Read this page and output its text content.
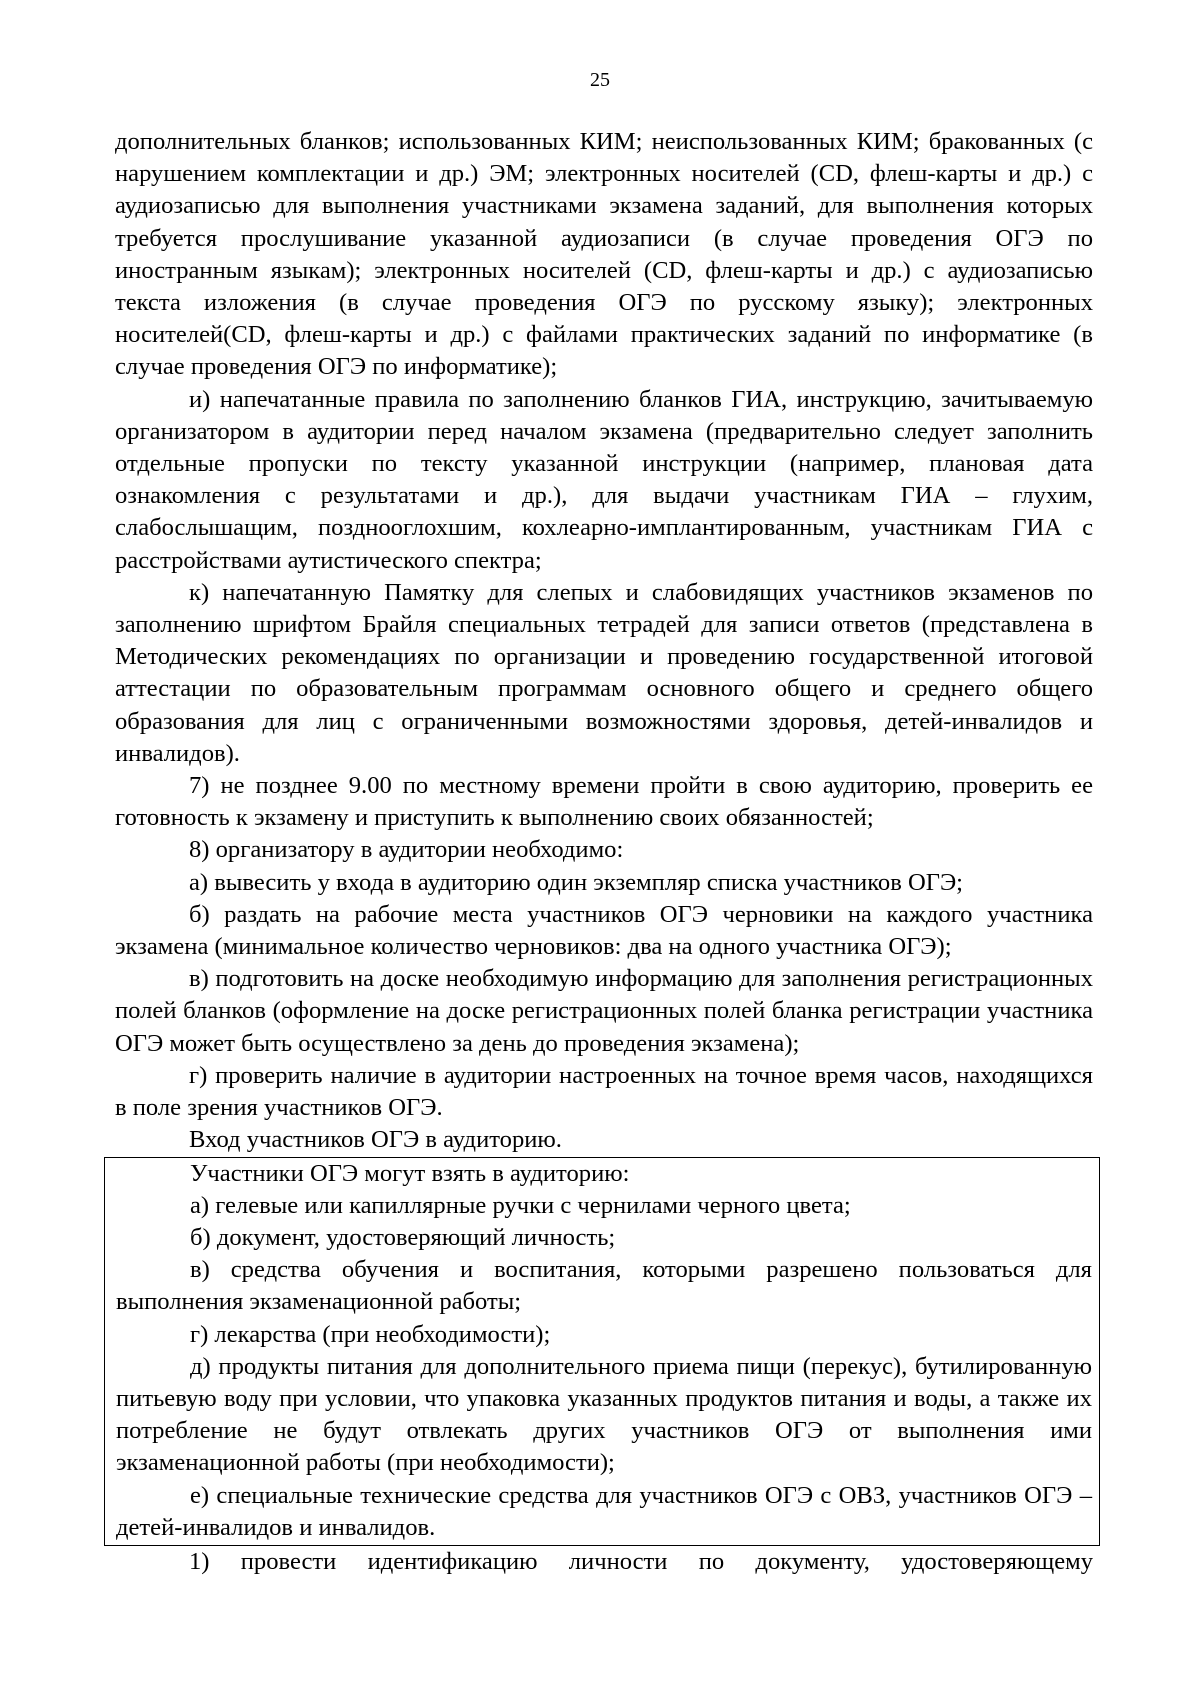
25

дополнительных бланков; использованных КИМ; неиспользованных КИМ; бракованных (с нарушением комплектации и др.) ЭМ; электронных носителей (CD, флеш-карты и др.) с аудиозаписью для выполнения участниками экзамена заданий, для выполнения которых требуется прослушивание указанной аудиозаписи (в случае проведения ОГЭ по иностранным языкам); электронных носителей (CD, флеш-карты и др.) с аудиозаписью текста изложения (в случае проведения ОГЭ по русскому языку); электронных носителей(CD, флеш-карты и др.) с файлами практических заданий по информатике (в случае проведения ОГЭ по информатике);

и) напечатанные правила по заполнению бланков ГИА, инструкцию, зачитываемую организатором в аудитории перед началом экзамена (предварительно следует заполнить отдельные пропуски по тексту указанной инструкции (например, плановая дата ознакомления с результатами и др.), для выдачи участникам ГИА – глухим, слабослышащим, позднооглохшим, кохлеарно-имплантированным, участникам ГИА с расстройствами аутистического спектра;

к) напечатанную Памятку для слепых и слабовидящих участников экзаменов по заполнению шрифтом Брайля специальных тетрадей для записи ответов (представлена в Методических рекомендациях по организации и проведению государственной итоговой аттестации по образовательным программам основного общего и среднего общего образования для лиц с ограниченными возможностями здоровья, детей-инвалидов и инвалидов).

7) не позднее 9.00 по местному времени пройти в свою аудиторию, проверить ее готовность к экзамену и приступить к выполнению своих обязанностей;

8) организатору в аудитории необходимо:

а) вывесить у входа в аудиторию один экземпляр списка участников ОГЭ;

б) раздать на рабочие места участников ОГЭ черновики на каждого участника экзамена (минимальное количество черновиков: два на одного участника ОГЭ);

в) подготовить на доске необходимую информацию для заполнения регистрационных полей бланков (оформление на доске регистрационных полей бланка регистрации участника ОГЭ может быть осуществлено за день до проведения экзамена);

г) проверить наличие в аудитории настроенных на точное время часов, находящихся в поле зрения участников ОГЭ.

Вход участников ОГЭ в аудиторию.

Участники ОГЭ могут взять в аудиторию:

а) гелевые или капиллярные ручки с чернилами черного цвета;

б) документ, удостоверяющий личность;

в) средства обучения и воспитания, которыми разрешено пользоваться для выполнения экзаменационной работы;

г) лекарства (при необходимости);

д) продукты питания для дополнительного приема пищи (перекус), бутилированную питьевую воду при условии, что упаковка указанных продуктов питания и воды, а также их потребление не будут отвлекать других участников ОГЭ от выполнения ими экзаменационной работы (при необходимости);

е) специальные технические средства для участников ОГЭ с ОВЗ, участников ОГЭ – детей-инвалидов и инвалидов.

1) провести идентификацию личности по документу, удостоверяющему
